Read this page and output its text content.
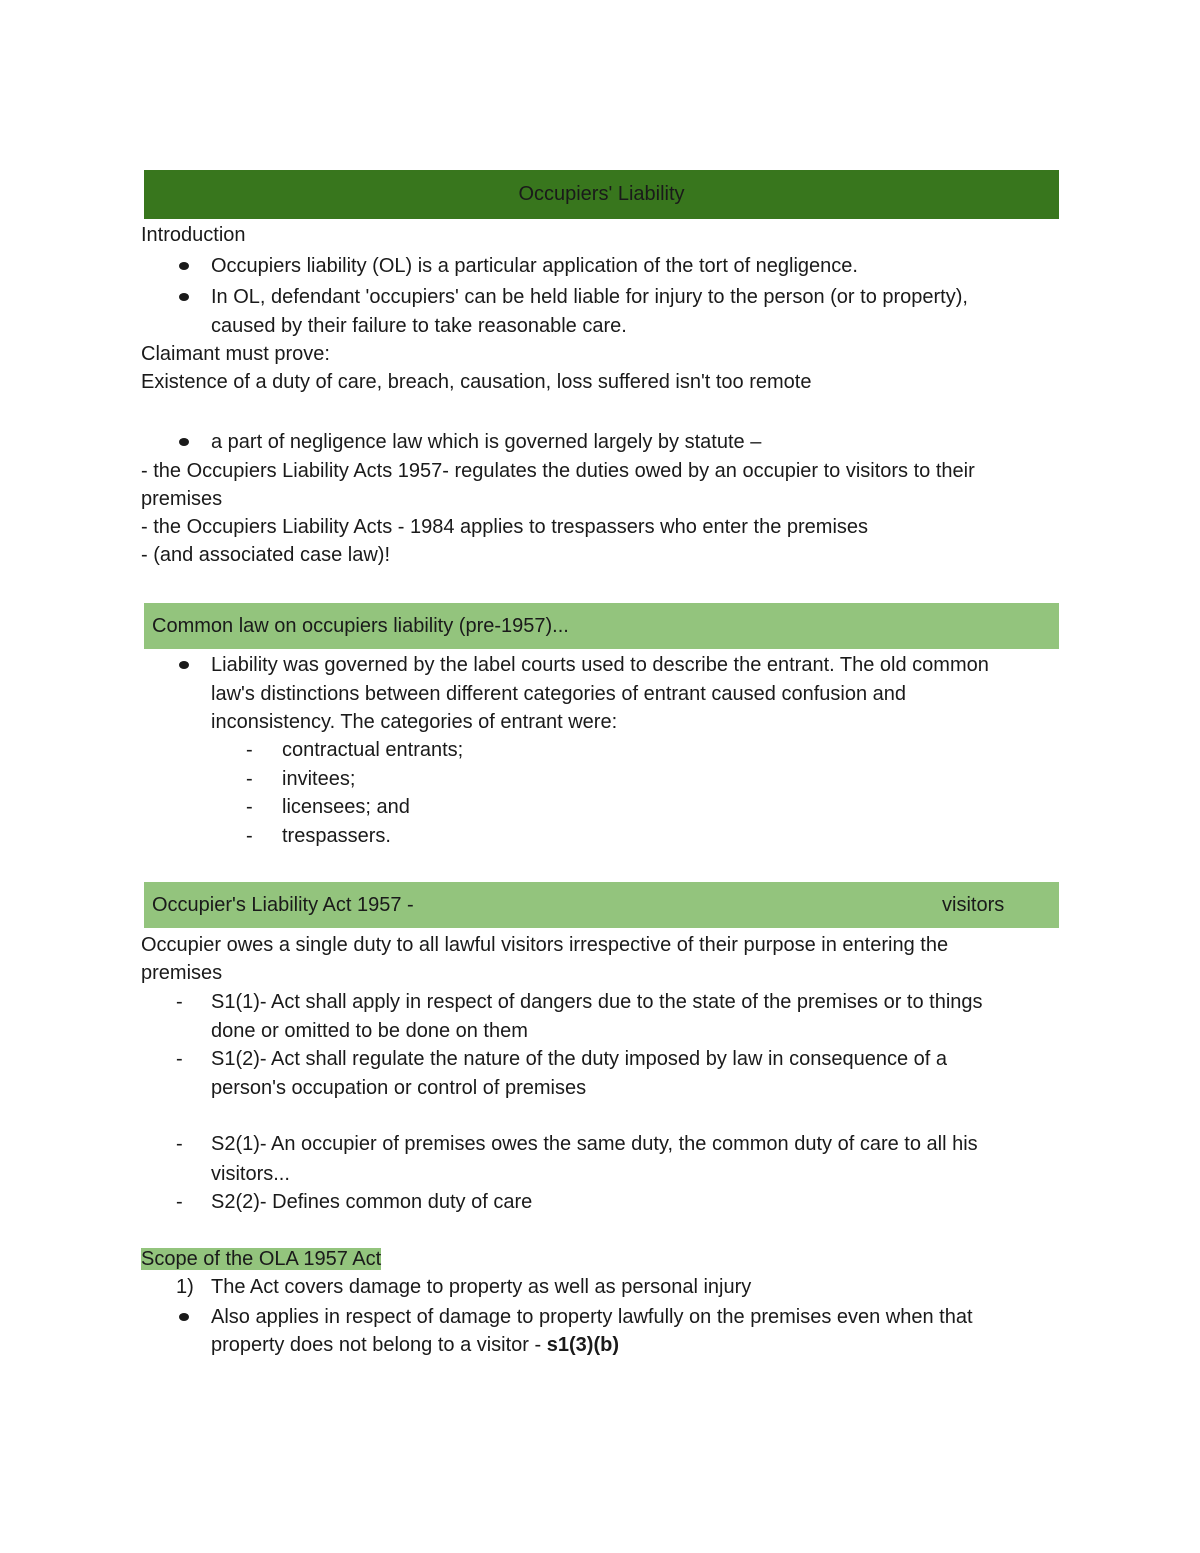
Occupiers' Liability
Introduction
Occupiers liability (OL) is a particular application of the tort of negligence.
In OL, defendant 'occupiers' can be held liable for injury to the person (or to property),
caused by their failure to take reasonable care.
Claimant must prove:
Existence of a duty of care, breach, causation, loss suffered isn't too remote
a part of negligence law which is governed largely by statute –
- the Occupiers Liability Acts 1957- regulates the duties owed by an occupier to visitors to their
premises
- the Occupiers Liability Acts - 1984 applies to trespassers who enter the premises
- (and associated case law)!
Common law on occupiers liability (pre-1957)...
Liability was governed by the label courts used to describe the entrant. The old common
law's distinctions between different categories of entrant caused confusion and
inconsistency. The categories of entrant were:
- contractual entrants;
- invitees;
- licensees; and
- trespassers.
Occupier's Liability Act 1957 -	visitors
Occupier owes a single duty to all lawful visitors irrespective of their purpose in entering the
premises
- S1(1)- Act shall apply in respect of dangers due to the state of the premises or to things
done or omitted to be done on them
- S1(2)- Act shall regulate the nature of the duty imposed by law in consequence of a
person's occupation or control of premises
- S2(1)- An occupier of premises owes the same duty, the common duty of care to all his
visitors...
- S2(2)- Defines common duty of care
Scope of the OLA 1957 Act
1) The Act covers damage to property as well as personal injury
Also applies in respect of damage to property lawfully on the premises even when that
property does not belong to a visitor - s1(3)(b)
